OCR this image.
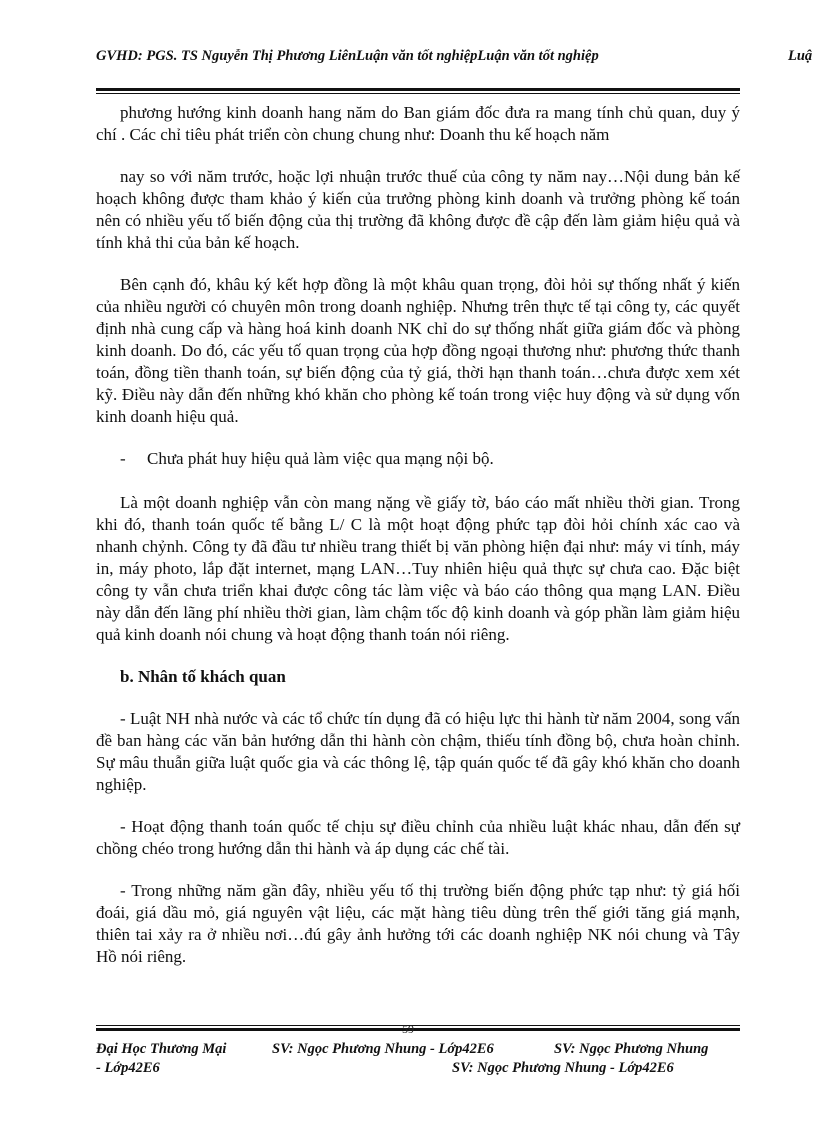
GVHD: PGS. TS Nguyễn Thị Phương LiênLuận văn tốt nghiệpLuận văn tốt nghiệp	Luậ

phương hướng kinh doanh hang năm do Ban giám đốc đưa ra mang tính chủ quan, duy ý chí . Các chỉ tiêu phát triển còn chung chung như: Doanh thu kế hoạch năm

nay so với năm trước, hoặc lợi nhuận trước thuế của công ty năm nay…Nội dung bản kế hoạch không được tham khảo ý kiến của trưởng phòng kinh doanh và trưởng phòng kế toán nên có nhiều yếu tố biến động của thị trường đã không được đề cập đến làm giảm hiệu quả và tính khả thi của bản kế hoạch.

Bên cạnh đó, khâu ký kết hợp đồng là một khâu quan trọng, đòi hỏi sự thống nhất ý kiến của nhiều người có chuyên môn trong doanh nghiệp. Nhưng trên thực tế tại công ty, các quyết định nhà cung cấp và hàng hoá kinh doanh NK chỉ do sự thống nhất giữa giám đốc và phòng kinh doanh. Do đó, các yếu tố quan trọng của hợp đồng ngoại thương như: phương thức thanh toán, đồng tiền thanh toán, sự biến động của tỷ giá, thời hạn thanh toán…chưa được xem xét kỹ. Điều này dẫn đến những khó khăn cho phòng kế toán trong việc huy động và sử dụng vốn kinh doanh hiệu quả.

-	Chưa phát huy hiệu quả làm việc qua mạng nội bộ.

Là một doanh nghiệp vẫn còn mang nặng về giấy tờ, báo cáo mất nhiều thời gian. Trong khi đó, thanh toán quốc tế bằng L/ C là một hoạt động phức tạp đòi hỏi chính xác cao và nhanh chỷnh. Công ty đã đầu tư nhiều trang thiết bị văn phòng hiện đại như: máy vi tính, máy in, máy photo, lắp đặt internet, mạng LAN…Tuy nhiên hiệu quả thực sự chưa cao. Đặc biệt công ty vẫn chưa triển khai được công tác làm việc và báo cáo thông qua mạng LAN. Điều này dẫn đến lãng phí nhiều thời gian, làm chậm tốc độ kinh doanh và góp phần làm giảm hiệu quả kinh doanh nói chung và hoạt động thanh toán nói riêng.

b. Nhân tố khách quan

- Luật NH nhà nước và các tổ chức tín dụng đã có hiệu lực thi hành từ năm 2004, song vấn đề ban hàng các văn bản hướng dẫn thi hành còn chậm, thiếu tính đồng bộ, chưa hoàn chỉnh. Sự mâu thuẫn giữa luật quốc gia và các thông lệ, tập quán quốc tế đã gây khó khăn cho doanh nghiệp.

- Hoạt động thanh toán quốc tế chịu sự điều chỉnh của nhiều luật khác nhau, dẫn đến sự chồng chéo trong hướng dẫn thi hành và áp dụng các chế tài.

- Trong những năm gần đây, nhiều yếu tố thị trường biến động phức tạp như: tỷ giá hối đoái, giá dầu mỏ, giá nguyên vật liệu, các mặt hàng tiêu dùng trên thế giới tăng giá mạnh, thiên tai xảy ra ở nhiều nơi…đú gây ảnh hưởng tới các doanh nghiệp NK nói chung và Tây Hồ nói riêng.

59
Đại Học Thương Mại	SV: Ngọc Phương Nhung - Lớp42E6	SV: Ngọc Phương Nhung
- Lớp42E6	SV: Ngọc Phương Nhung - Lớp42E6
